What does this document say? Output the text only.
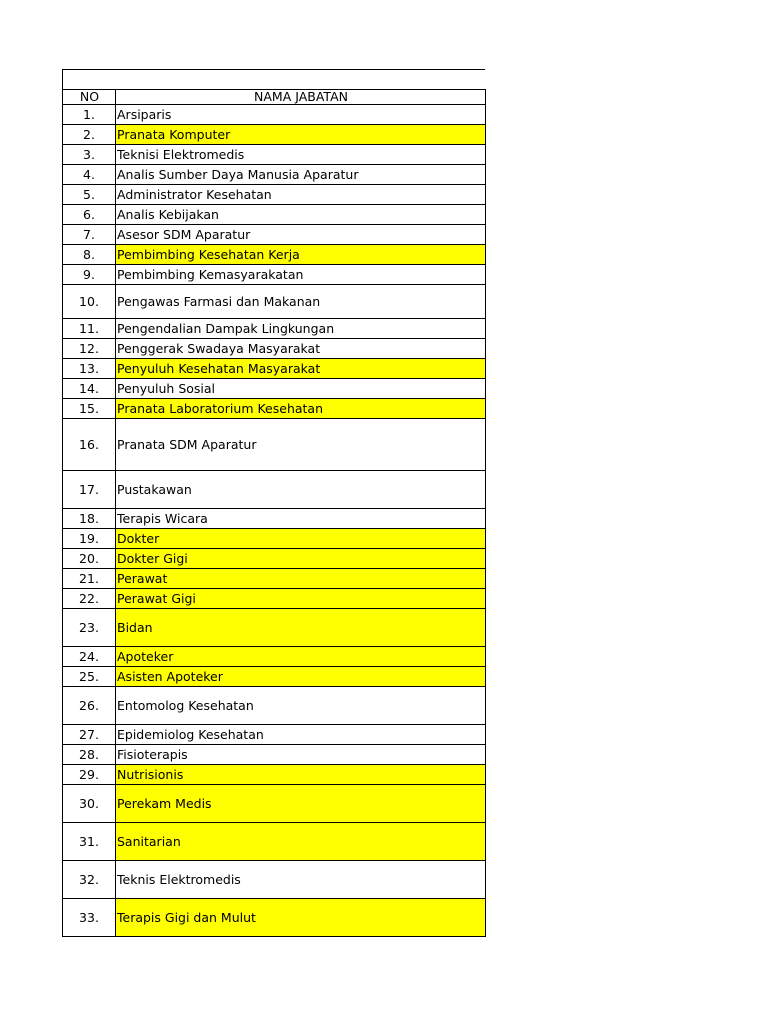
NO	NAMA JABATAN
1.	Arsiparis
2.	Pranata Komputer
3.	Teknisi Elektromedis
4.	Analis Sumber Daya Manusia Aparatur
5.	Administrator Kesehatan
6.	Analis Kebijakan
7.	Asesor SDM Aparatur
8.	Pembimbing Kesehatan Kerja
9.	Pembimbing Kemasyarakatan
10.	Pengawas Farmasi dan Makanan
11.	Pengendalian Dampak Lingkungan
12.	Penggerak Swadaya Masyarakat
13.	Penyuluh Kesehatan Masyarakat
14.	Penyuluh Sosial
15.	Pranata Laboratorium Kesehatan
16.	Pranata SDM Aparatur
17.	Pustakawan
18.	Terapis Wicara
19.	Dokter
20.	Dokter Gigi
21.	Perawat
22.	Perawat Gigi
23.	Bidan
24.	Apoteker
25.	Asisten Apoteker
26.	Entomolog Kesehatan
27.	Epidemiolog Kesehatan
28.	Fisioterapis
29.	Nutrisionis
30.	Perekam Medis
31.	Sanitarian
32.	Teknis Elektromedis
33.	Terapis Gigi dan Mulut
